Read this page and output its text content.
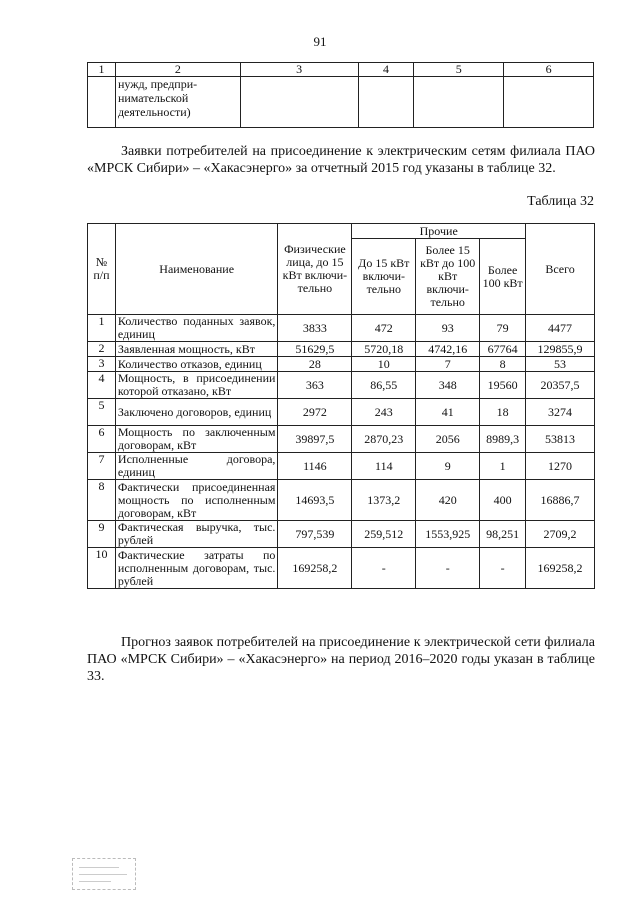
91
1	2	3	4	5	6
	нужд, предпри-
нимательской
деятельности)				
Заявки потребителей на присоединение к электрическим сетям филиала ПАО «МРСК Сибири» – «Хакасэнерго» за отчетный 2015 год указаны в таблице 32.
Таблица 32
№ п/п	Наименование	Физические лица, до 15 кВт включи-тельно	Прочие			Всего
			До 15 кВт включи-тельно	Более 15 кВт до 100 кВт включи-тельно	Более 100 кВт	
1	Количество поданных заявок, единиц	3833	472	93	79	4477
2	Заявленная мощность, кВт	51629,5	5720,18	4742,16	67764	129855,9
3	Количество отказов, единиц	28	10	7	8	53
4	Мощность, в присоединении которой отказано, кВт	363	86,55	348	19560	20357,5
5	Заключено договоров, единиц	2972	243	41	18	3274
6	Мощность по заключенным договорам, кВт	39897,5	2870,23	2056	8989,3	53813
7	Исполненные договора, единиц	1146	114	9	1	1270
8	Фактически присоединенная мощность по исполненным договорам, кВт	14693,5	1373,2	420	400	16886,7
9	Фактическая выручка, тыс. рублей	797,539	259,512	1553,925	98,251	2709,2
10	Фактические затраты по исполненным договорам, тыс. рублей	169258,2	-	-	-	169258,2
Прогноз заявок потребителей на присоединение к электрической сети филиала ПАО «МРСК Сибири» – «Хакасэнерго» на период 2016–2020 годы указан в таблице 33.
